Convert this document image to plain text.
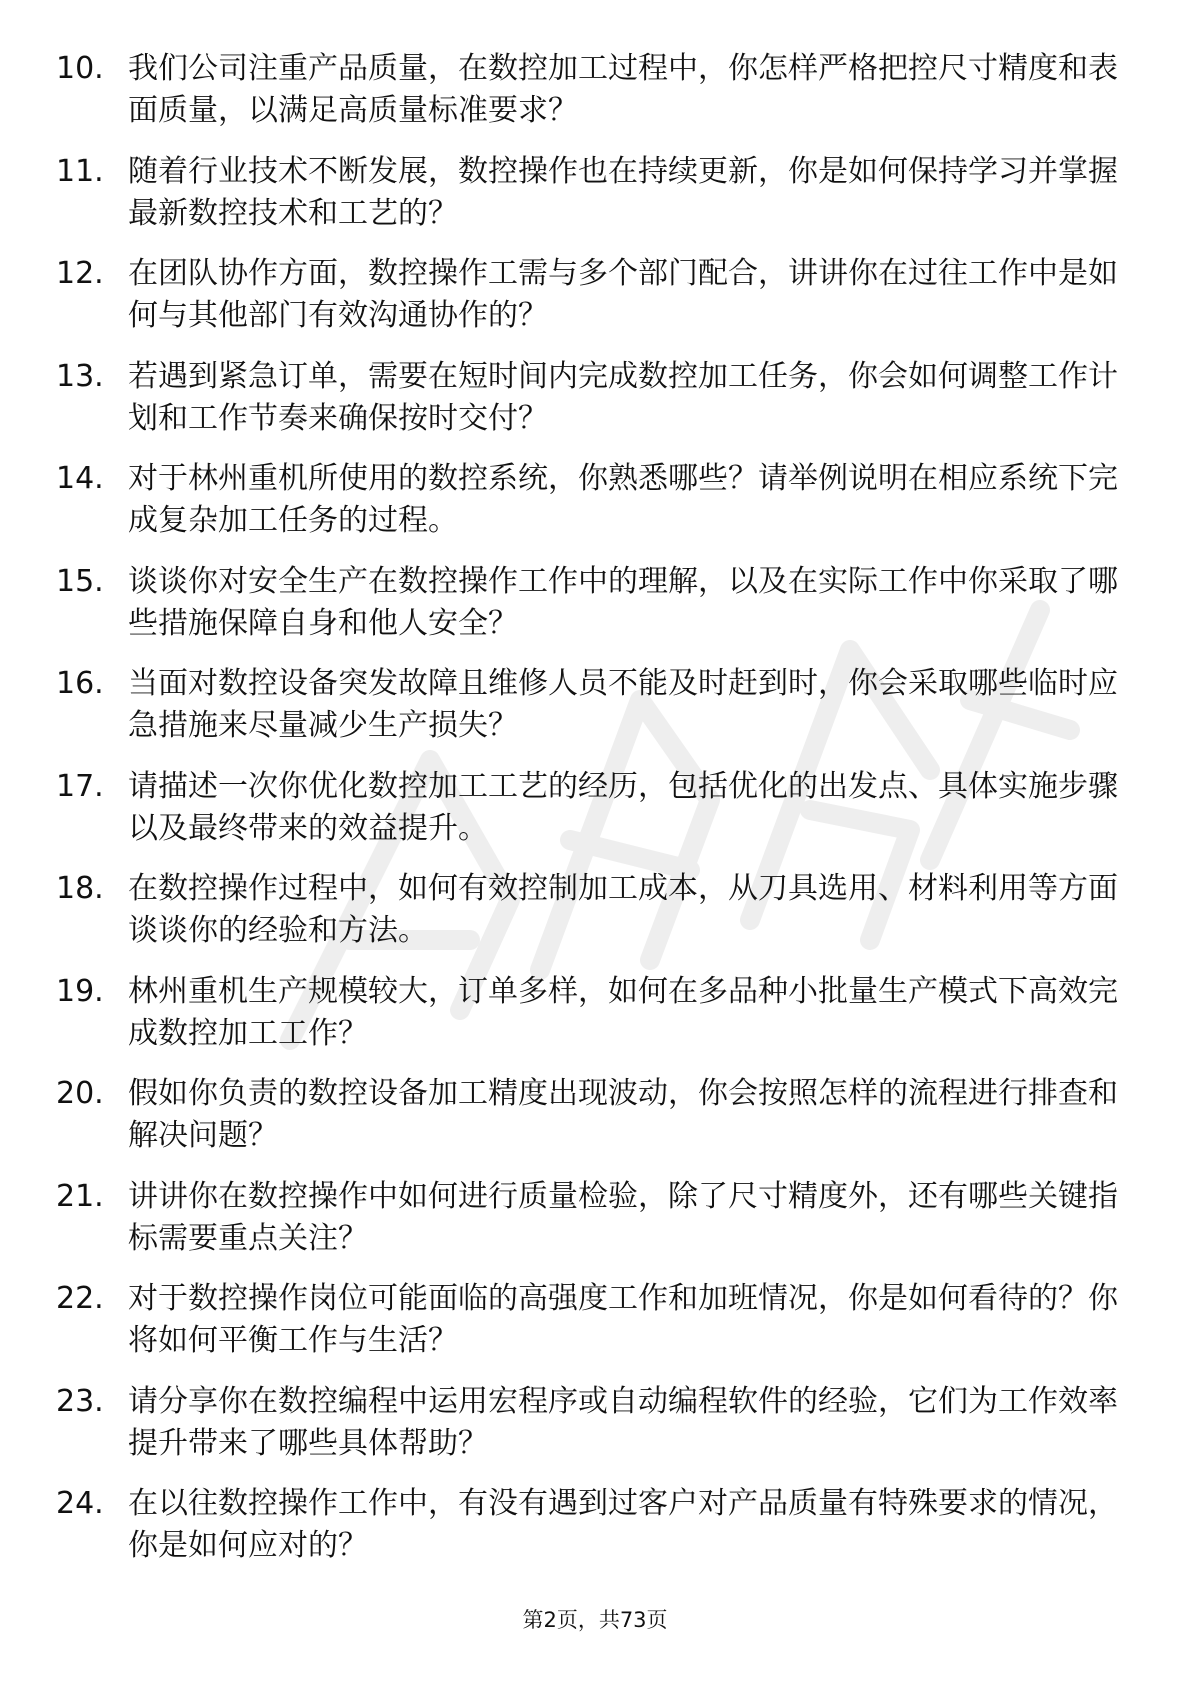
10. 我们公司注重产品质量，在数控加工过程中，你怎样严格把控尺寸精度和表面质量，以满足高质量标准要求？
11. 随着行业技术不断发展，数控操作也在持续更新，你是如何保持学习并掌握最新数控技术和工艺的？
12. 在团队协作方面，数控操作工需与多个部门配合，讲讲你在过往工作中是如何与其他部门有效沟通协作的？
13. 若遇到紧急订单，需要在短时间内完成数控加工任务，你会如何调整工作计划和工作节奏来确保按时交付？
14. 对于林州重机所使用的数控系统，你熟悉哪些？请举例说明在相应系统下完成复杂加工任务的过程。
15. 谈谈你对安全生产在数控操作工作中的理解，以及在实际工作中你采取了哪些措施保障自身和他人安全？
16. 当面对数控设备突发故障且维修人员不能及时赶到时，你会采取哪些临时应急措施来尽量减少生产损失？
17. 请描述一次你优化数控加工工艺的经历，包括优化的出发点、具体实施步骤以及最终带来的效益提升。
18. 在数控操作过程中，如何有效控制加工成本，从刀具选用、材料利用等方面谈谈你的经验和方法。
19. 林州重机生产规模较大，订单多样，如何在多品种小批量生产模式下高效完成数控加工工作？
20. 假如你负责的数控设备加工精度出现波动，你会按照怎样的流程进行排查和解决问题？
21. 讲讲你在数控操作中如何进行质量检验，除了尺寸精度外，还有哪些关键指标需要重点关注？
22. 对于数控操作岗位可能面临的高强度工作和加班情况，你是如何看待的？你将如何平衡工作与生活？
23. 请分享你在数控编程中运用宏程序或自动编程软件的经验，它们为工作效率提升带来了哪些具体帮助？
24. 在以往数控操作工作中，有没有遇到过客户对产品质量有特殊要求的情况，你是如何应对的？
第2页，共73页
